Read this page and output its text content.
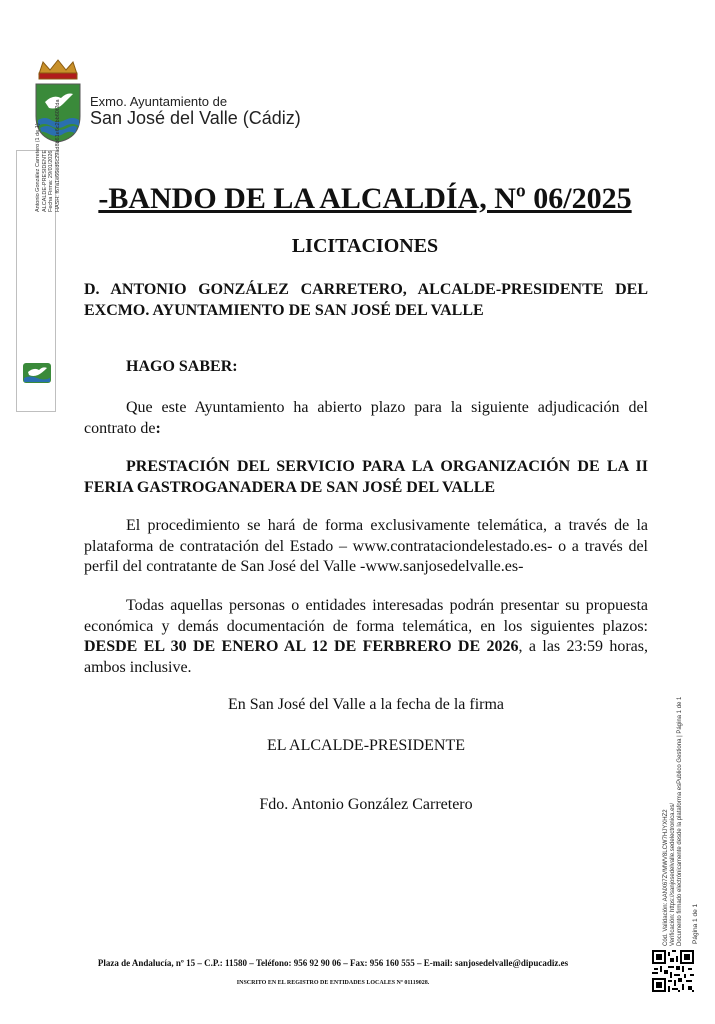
Exmo. Ayuntamiento de
San José del Valle (Cádiz)
Antonio González Carretero (1 de 1) ALCALDE-PRESIDENTE Fecha Firma: 29/01/2026 HASH: f67a1e66ed6c29ad8b61e6c2bb60f2da	-BANDO DE LA ALCALDÍA, Nº 06/2025
LICITACIONES
D. ANTONIO GONZÁLEZ CARRETERO, ALCALDE-PRESIDENTE DEL EXCMO. AYUNTAMIENTO DE SAN JOSÉ DEL VALLE
HAGO SABER:
Que este Ayuntamiento ha abierto plazo para la siguiente adjudicación del contrato de:
PRESTACIÓN DEL SERVICIO PARA LA ORGANIZACIÓN DE LA II FERIA GASTROGANADERA DE SAN JOSÉ DEL VALLE
El procedimiento se hará de forma exclusivamente telemática, a través de la plataforma de contratación del Estado – www.contrataciondelestado.es- o a través del perfil del contratante de San José del Valle -www.sanjosedelvalle.es-
Todas aquellas personas o entidades interesadas podrán presentar su propuesta económica y demás documentación de forma telemática, en los siguientes plazos: DESDE EL 30 DE ENERO AL 12 DE FERBRERO DE 2026, a las 23:59 horas, ambos inclusive.
En San José del Valle a la fecha de la firma
EL ALCALDE-PRESIDENTE
Fdo. Antonio González Carretero
Cód. Validación: AANX67ZVMWV8LCW7HJYXHZ2 Verificación: https://sanjosedelvalle.sedelectronica.es/ Documento firmado electrónicamente desde la plataforma esPublico Gestiona | Página 1 de 1 Página 1 de 1
Plaza de Andalucía, nº 15 – C.P.: 11580 – Teléfono: 956 92 90 06 – Fax: 956 160 555 – E-mail: sanjosedelvalle@dipucadiz.es
INSCRITO EN EL REGISTRO DE ENTIDADES LOCALES Nº 01119028.
